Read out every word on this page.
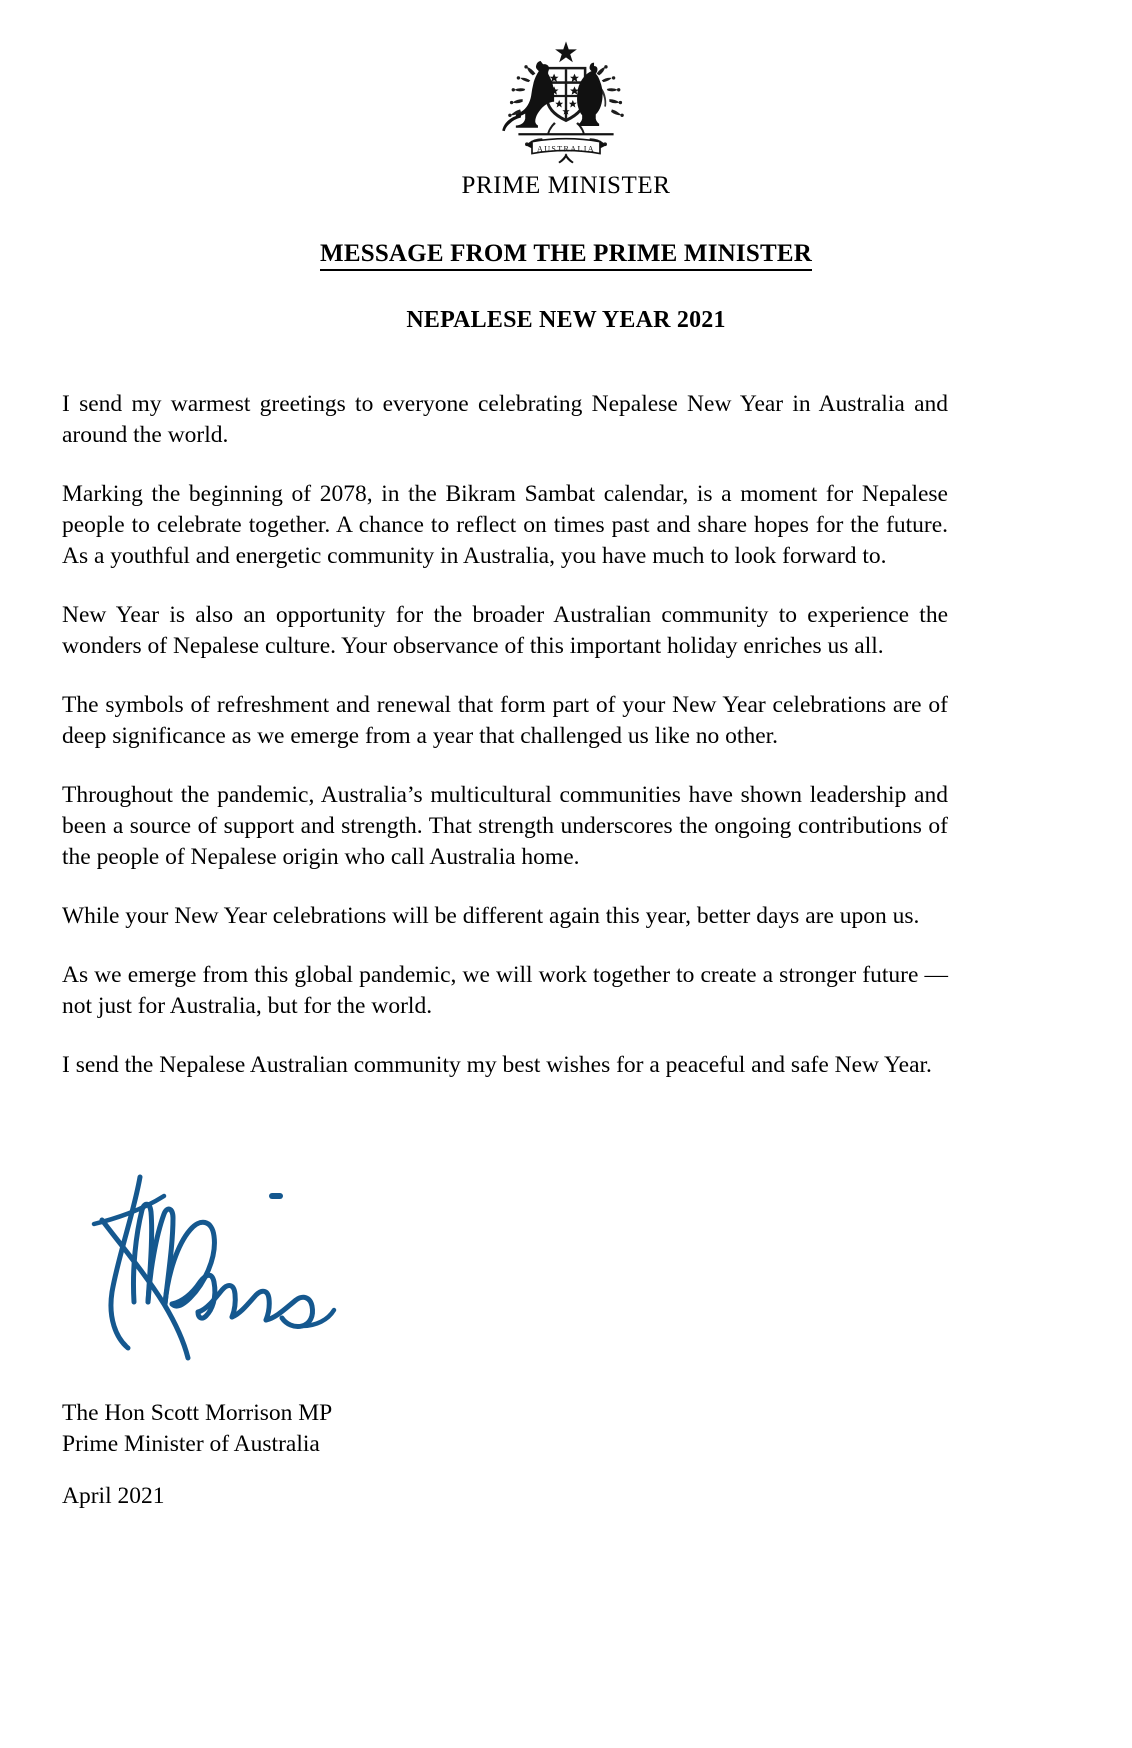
AUSTRALIA
PRIME MINISTER
MESSAGE FROM THE PRIME MINISTER
NEPALESE NEW YEAR 2021

I send my warmest greetings to everyone celebrating Nepalese New Year in Australia and around the world.

Marking the beginning of 2078, in the Bikram Sambat calendar, is a moment for Nepalese people to celebrate together. A chance to reflect on times past and share hopes for the future. As a youthful and energetic community in Australia, you have much to look forward to.

New Year is also an opportunity for the broader Australian community to experience the wonders of Nepalese culture. Your observance of this important holiday enriches us all.

The symbols of refreshment and renewal that form part of your New Year celebrations are of deep significance as we emerge from a year that challenged us like no other.

Throughout the pandemic, Australia’s multicultural communities have shown leadership and been a source of support and strength. That strength underscores the ongoing contributions of the people of Nepalese origin who call Australia home.

While your New Year celebrations will be different again this year, better days are upon us.

As we emerge from this global pandemic, we will work together to create a stronger future — not just for Australia, but for the world.

I send the Nepalese Australian community my best wishes for a peaceful and safe New Year.

The Hon Scott Morrison MP
Prime Minister of Australia
April 2021
